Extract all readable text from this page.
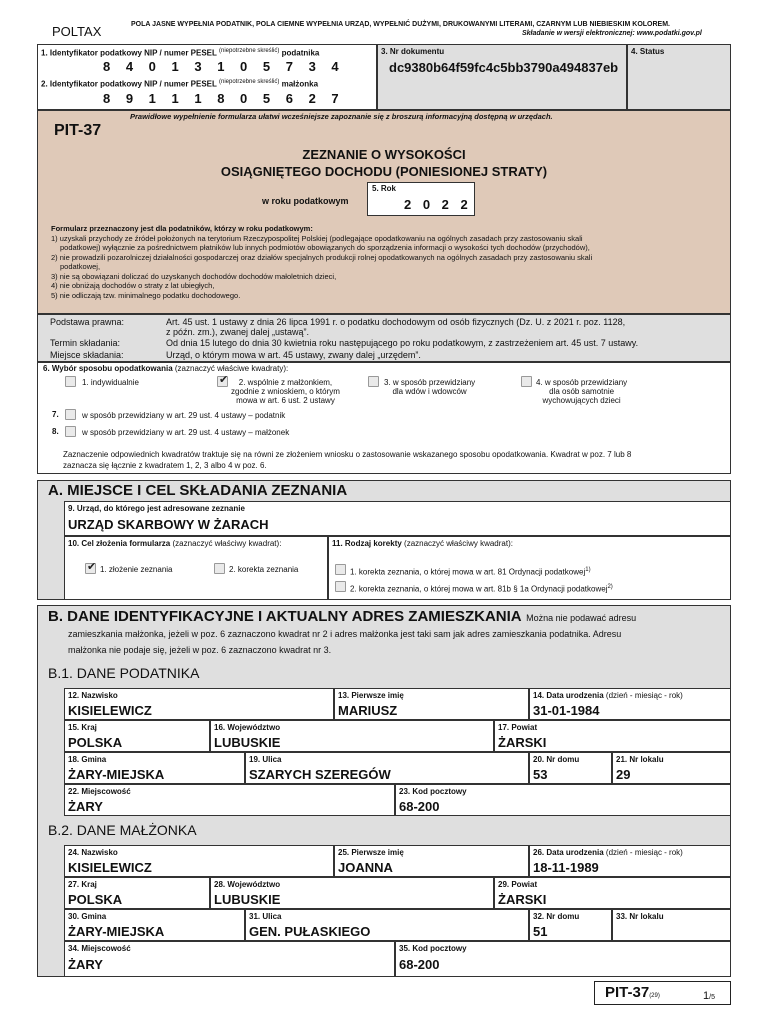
POLTAX	POLA JASNE WYPEŁNIA PODATNIK, POLA CIEMNE WYPEŁNIA URZĄD, WYPEŁNIĆ DUŻYMI, DRUKOWANYMI LITERAMI, CZARNYM LUB NIEBIESKIM KOLOREM.
Składanie w wersji elektronicznej: www.podatki.gov.pl
1. Identyfikator podatkowy NIP / numer PESEL $^{(niepotrzebne skreślić)}$ podatnika
8 4 0 1 3 1 0 5 7 3 4
2. Identyfikator podatkowy NIP / numer PESEL $^{(niepotrzebne skreślić)}$ małżonka
8 9 1 1 1 8 0 5 6 2 7
3. Nr dokumentu
dc9380b64f59fc4c5bb3790a494837eb
4. Status
Prawidłowe wypełnienie formularza ułatwi wcześniejsze zapoznanie się z broszurą informacyjną dostępną w urzędach.
PIT-37
ZEZNANIE O WYSOKOŚCI
OSIĄGNIĘTEGO DOCHODU (PONIESIONEJ STRATY)
w roku podatkowym
5. Rok
2 0 2 2
Formularz przeznaczony jest dla podatników, którzy w roku podatkowym:
1) uzyskali przychody ze źródeł położonych na terytorium Rzeczypospolitej Polskiej (podlegające opodatkowaniu na ogólnych zasadach przy zastosowaniu skali
podatkowej) wyłącznie za pośrednictwem płatników lub innych podmiotów obowiązanych do sporządzenia informacji o wysokości tych dochodów (przychodów),
2) nie prowadzili pozarolniczej działalności gospodarczej oraz działów specjalnych produkcji rolnej opodatkowanych na ogólnych zasadach przy zastosowaniu skali
podatkowej,
3) nie są obowiązani doliczać do uzyskanych dochodów dochodów małoletnich dzieci,
4) nie obniżają dochodów o straty z lat ubiegłych,
5) nie odliczają tzw. minimalnego podatku dochodowego.
Podstawa prawna:	Art. 45 ust. 1 ustawy z dnia 26 lipca 1991 r. o podatku dochodowym od osób fizycznych (Dz. U. z 2021 r. poz. 1128,
z późn. zm.), zwanej dalej „ustawą”.
Termin składania:	Od dnia 15 lutego do dnia 30 kwietnia roku następującego po roku podatkowym, z zastrzeżeniem art. 45 ust. 7 ustawy.
Miejsce składania:	Urząd, o którym mowa w art. 45 ustawy, zwany dalej „urzędem”.
6. Wybór sposobu opodatkowania (zaznaczyć właściwe kwadraty):
1. indywidualnie	✔	2. wspólnie z małżonkiem,
zgodnie z wnioskiem, o którym
mowa w art. 6 ust. 2 ustawy
3. w sposób przewidziany
dla wdów i wdowców
4. w sposób przewidziany
dla osób samotnie
wychowujących dzieci
7.	w sposób przewidziany w art. 29 ust. 4 ustawy – podatnik
8.	w sposób przewidziany w art. 29 ust. 4 ustawy – małżonek
Zaznaczenie odpowiednich kwadratów traktuje się na równi ze złożeniem wniosku o zastosowanie wskazanego sposobu opodatkowania. Kwadrat w poz. 7 lub 8
zaznacza się łącznie z kwadratem 1, 2, 3 albo 4 w poz. 6.
A. MIEJSCE I CEL SKŁADANIA ZEZNANIA
9. Urząd, do którego jest adresowane zeznanie
URZĄD SKARBOWY W ŻARACH
10. Cel złożenia formularza (zaznaczyć właściwy kwadrat):
✔ 1. złożenie zeznania	2. korekta zeznania
11. Rodzaj korekty (zaznaczyć właściwy kwadrat):
1. korekta zeznania, o której mowa w art. 81 Ordynacji podatkowej$^{1)}$
2. korekta zeznania, o której mowa w art. 81b § 1a Ordynacji podatkowej$^{2)}$
B. DANE IDENTYFIKACYJNE I AKTUALNY ADRES ZAMIESZKANIA Można nie podawać adresu
zamieszkania małżonka, jeżeli w poz. 6 zaznaczono kwadrat nr 2 i adres małżonka jest taki sam jak adres zamieszkania podatnika. Adresu
małżonka nie podaje się, jeżeli w poz. 6 zaznaczono kwadrat nr 3.
B.1. DANE PODATNIKA
12. Nazwisko
KISIELEWICZ
13. Pierwsze imię
MARIUSZ
14. Data urodzenia (dzień - miesiąc - rok)
31-01-1984
15. Kraj
POLSKA
16. Województwo
LUBUSKIE
17. Powiat
ŻARSKI
18. Gmina
ŻARY-MIEJSKA
19. Ulica
SZARYCH SZEREGÓW
20. Nr domu
53
21. Nr lokalu
29
22. Miejscowość
ŻARY
23. Kod pocztowy
68-200
B.2. DANE MAŁŻONKA
24. Nazwisko
KISIELEWICZ
25. Pierwsze imię
JOANNA
26. Data urodzenia (dzień - miesiąc - rok)
18-11-1989
27. Kraj
POLSKA
28. Województwo
LUBUSKIE
29. Powiat
ŻARSKI
30. Gmina
ŻARY-MIEJSKA
31. Ulica
GEN. PUŁASKIEGO
32. Nr domu
51
33. Nr lokalu
34. Miejscowość
ŻARY
35. Kod pocztowy
68-200
PIT-37(29)	1/5
